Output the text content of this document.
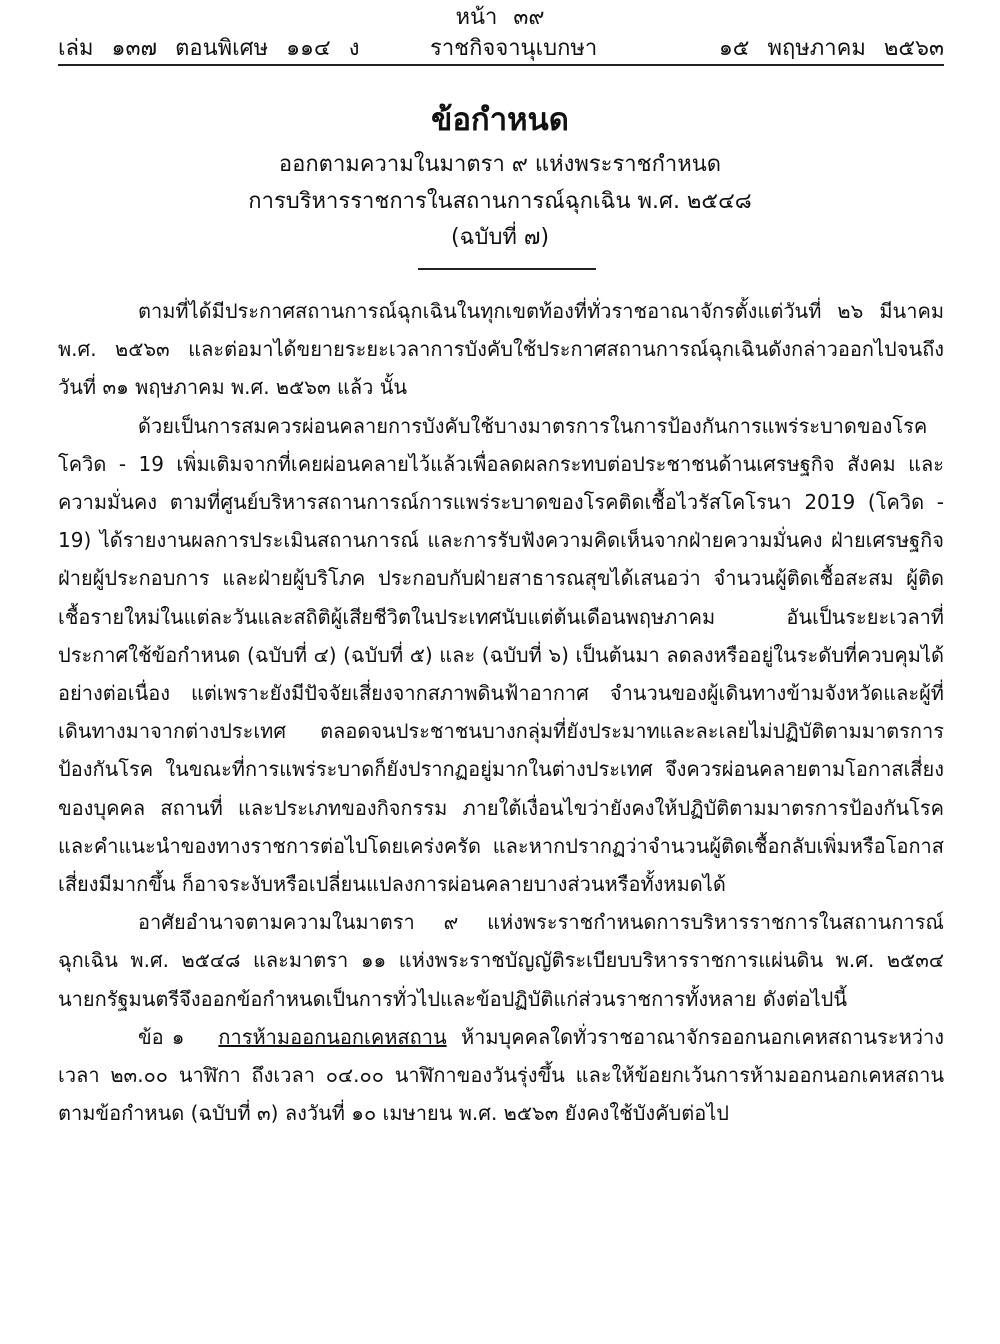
หน้า ๓๙
เล่ม ๑๓๗ ตอนพิเศษ ๑๑๔ ง	ราชกิจจานุเบกษา	๑๕ พฤษภาคม ๒๕๖๓
ข้อกำหนด
ออกตามความในมาตรา ๙ แห่งพระราชกำหนด
การบริหารราชการในสถานการณ์ฉุกเฉิน พ.ศ. ๒๕๔๘
(ฉบับที่ ๗)

ตามที่ได้มีประกาศสถานการณ์ฉุกเฉินในทุกเขตท้องที่ทั่วราชอาณาจักรตั้งแต่วันที่ ๒๖ มีนาคม พ.ศ. ๒๕๖๓ และต่อมาได้ขยายระยะเวลาการบังคับใช้ประกาศสถานการณ์ฉุกเฉินดังกล่าวออกไปจนถึงวันที่ ๓๑ พฤษภาคม พ.ศ. ๒๕๖๓ แล้ว นั้น

ด้วยเป็นการสมควรผ่อนคลายการบังคับใช้บางมาตรการในการป้องกันการแพร่ระบาดของโรคโควิด - 19 เพิ่มเติมจากที่เคยผ่อนคลายไว้แล้วเพื่อลดผลกระทบต่อประชาชนด้านเศรษฐกิจ สังคม และความมั่นคง ตามที่ศูนย์บริหารสถานการณ์การแพร่ระบาดของโรคติดเชื้อไวรัสโคโรนา 2019 (โควิด - 19) ได้รายงานผลการประเมินสถานการณ์ และการรับฟังความคิดเห็นจากฝ่ายความมั่นคง ฝ่ายเศรษฐกิจ ฝ่ายผู้ประกอบการ และฝ่ายผู้บริโภค ประกอบกับฝ่ายสาธารณสุขได้เสนอว่า จำนวนผู้ติดเชื้อสะสม ผู้ติดเชื้อรายใหม่ในแต่ละวันและสถิติผู้เสียชีวิตในประเทศนับแต่ต้นเดือนพฤษภาคม อันเป็นระยะเวลาที่ประกาศใช้ข้อกำหนด (ฉบับที่ ๔) (ฉบับที่ ๕) และ (ฉบับที่ ๖) เป็นต้นมา ลดลงหรืออยู่ในระดับที่ควบคุมได้อย่างต่อเนื่อง แต่เพราะยังมีปัจจัยเสี่ยงจากสภาพดินฟ้าอากาศ จำนวนของผู้เดินทางข้ามจังหวัดและผู้ที่เดินทางมาจากต่างประเทศ ตลอดจนประชาชนบางกลุ่มที่ยังประมาทและละเลยไม่ปฏิบัติตามมาตรการป้องกันโรค ในขณะที่การแพร่ระบาดก็ยังปรากฏอยู่มากในต่างประเทศ จึงควรผ่อนคลายตามโอกาสเสี่ยงของบุคคล สถานที่ และประเภทของกิจกรรม ภายใต้เงื่อนไขว่ายังคงให้ปฏิบัติตามมาตรการป้องกันโรคและคำแนะนำของทางราชการต่อไปโดยเคร่งครัด และหากปรากฏว่าจำนวนผู้ติดเชื้อกลับเพิ่มหรือโอกาสเสี่ยงมีมากขึ้น ก็อาจระงับหรือเปลี่ยนแปลงการผ่อนคลายบางส่วนหรือทั้งหมดได้

อาศัยอำนาจตามความในมาตรา ๙ แห่งพระราชกำหนดการบริหารราชการในสถานการณ์ฉุกเฉิน พ.ศ. ๒๕๔๘ และมาตรา ๑๑ แห่งพระราชบัญญัติระเบียบบริหารราชการแผ่นดิน พ.ศ. ๒๕๓๔ นายกรัฐมนตรีจึงออกข้อกำหนดเป็นการทั่วไปและข้อปฏิบัติแก่ส่วนราชการทั้งหลาย ดังต่อไปนี้

ข้อ ๑ การห้ามออกนอกเคหสถาน ห้ามบุคคลใดทั่วราชอาณาจักรออกนอกเคหสถานระหว่างเวลา ๒๓.๐๐ นาฬิกา ถึงเวลา ๐๔.๐๐ นาฬิกาของวันรุ่งขึ้น และให้ข้อยกเว้นการห้ามออกนอกเคหสถานตามข้อกำหนด (ฉบับที่ ๓) ลงวันที่ ๑๐ เมษายน พ.ศ. ๒๕๖๓ ยังคงใช้บังคับต่อไป
